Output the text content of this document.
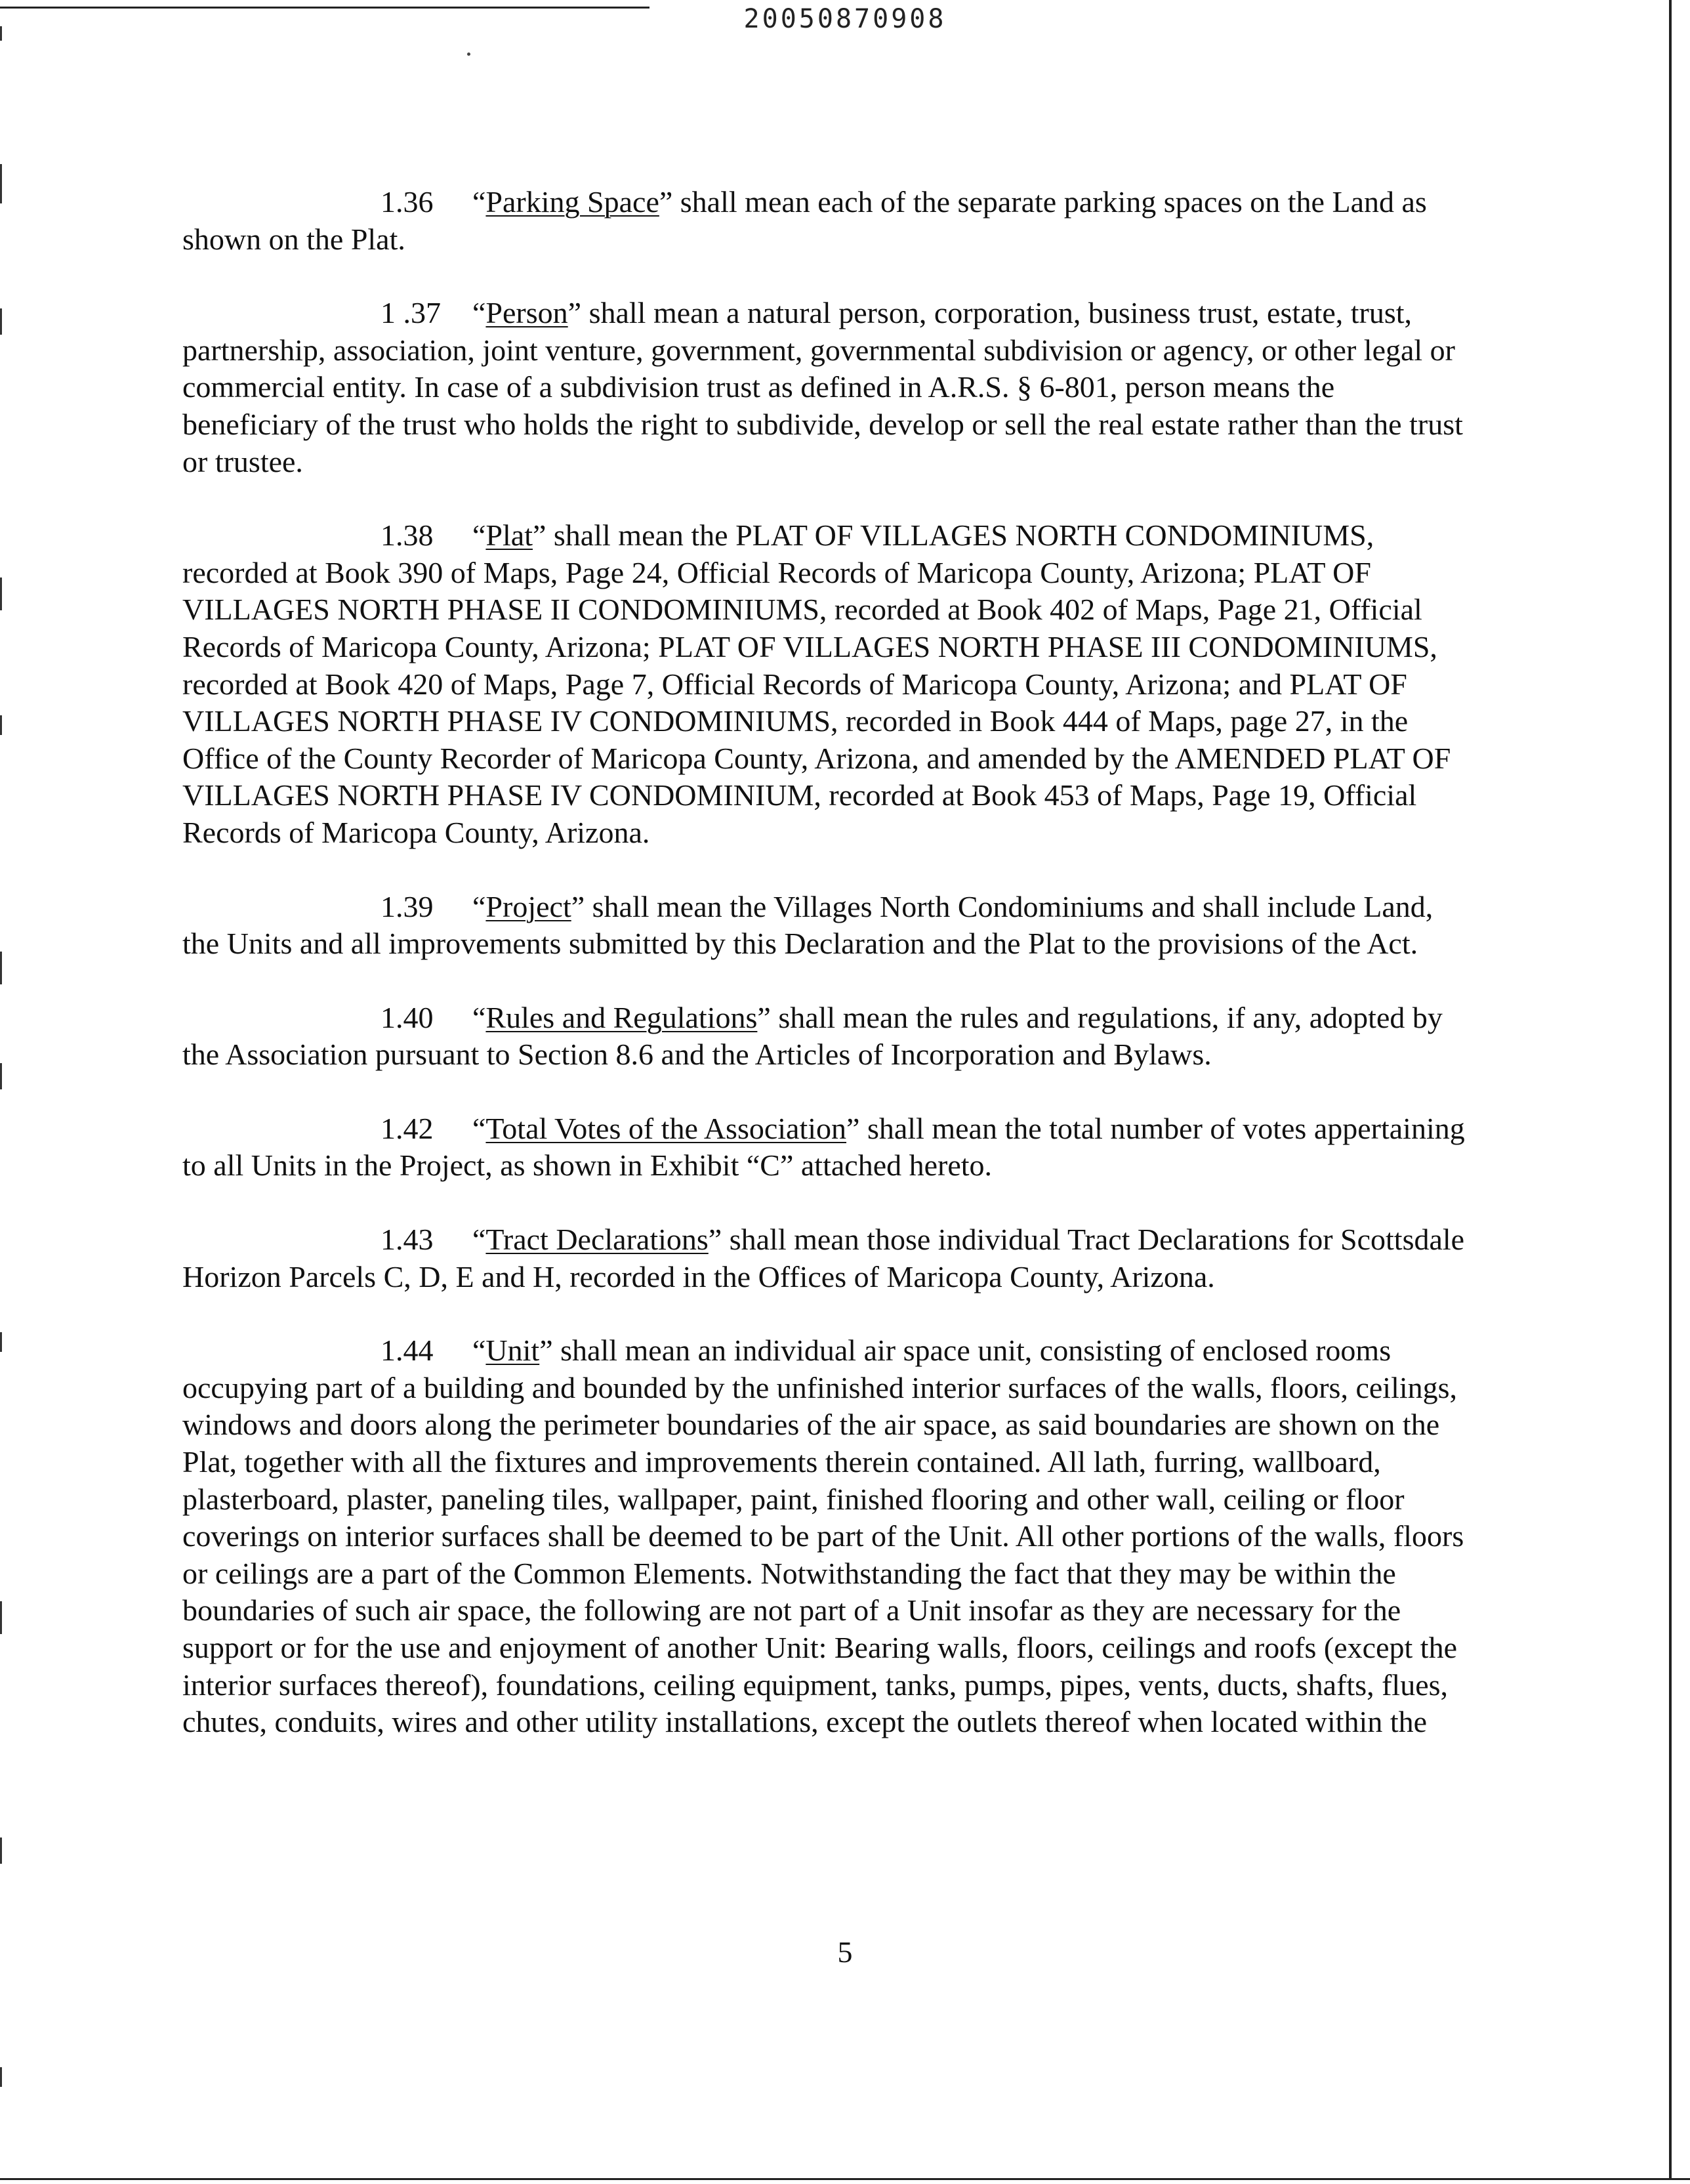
20050870908

1.36 “Parking Space” shall mean each of the separate parking spaces on the Land as shown on the Plat.

1 .37 “Person” shall mean a natural person, corporation, business trust, estate, trust, partnership, association, joint venture, government, governmental subdivision or agency, or other legal or commercial entity. In case of a subdivision trust as defined in A.R.S. § 6-801, person means the beneficiary of the trust who holds the right to subdivide, develop or sell the real estate rather than the trust or trustee.

1.38 “Plat” shall mean the PLAT OF VILLAGES NORTH CONDOMINIUMS, recorded at Book 390 of Maps, Page 24, Official Records of Maricopa County, Arizona; PLAT OF VILLAGES NORTH PHASE II CONDOMINIUMS, recorded at Book 402 of Maps, Page 21, Official Records of Maricopa County, Arizona; PLAT OF VILLAGES NORTH PHASE III CONDOMINIUMS, recorded at Book 420 of Maps, Page 7, Official Records of Maricopa County, Arizona; and PLAT OF VILLAGES NORTH PHASE IV CONDOMINIUMS, recorded in Book 444 of Maps, page 27, in the Office of the County Recorder of Maricopa County, Arizona, and amended by the AMENDED PLAT OF VILLAGES NORTH PHASE IV CONDOMINIUM, recorded at Book 453 of Maps, Page 19, Official Records of Maricopa County, Arizona.

1.39 “Project” shall mean the Villages North Condominiums and shall include Land, the Units and all improvements submitted by this Declaration and the Plat to the provisions of the Act.

1.40 “Rules and Regulations” shall mean the rules and regulations, if any, adopted by the Association pursuant to Section 8.6 and the Articles of Incorporation and Bylaws.

1.42 “Total Votes of the Association” shall mean the total number of votes appertaining to all Units in the Project, as shown in Exhibit “C” attached hereto.

1.43 “Tract Declarations” shall mean those individual Tract Declarations for Scottsdale Horizon Parcels C, D, E and H, recorded in the Offices of Maricopa County, Arizona.

1.44 “Unit” shall mean an individual air space unit, consisting of enclosed rooms occupying part of a building and bounded by the unfinished interior surfaces of the walls, floors, ceilings, windows and doors along the perimeter boundaries of the air space, as said boundaries are shown on the Plat, together with all the fixtures and improvements therein contained. All lath, furring, wallboard, plasterboard, plaster, paneling tiles, wallpaper, paint, finished flooring and other wall, ceiling or floor coverings on interior surfaces shall be deemed to be part of the Unit. All other portions of the walls, floors or ceilings are a part of the Common Elements. Notwithstanding the fact that they may be within the boundaries of such air space, the following are not part of a Unit insofar as they are necessary for the support or for the use and enjoyment of another Unit: Bearing walls, floors, ceilings and roofs (except the interior surfaces thereof), foundations, ceiling equipment, tanks, pumps, pipes, vents, ducts, shafts, flues, chutes, conduits, wires and other utility installations, except the outlets thereof when located within the

5
